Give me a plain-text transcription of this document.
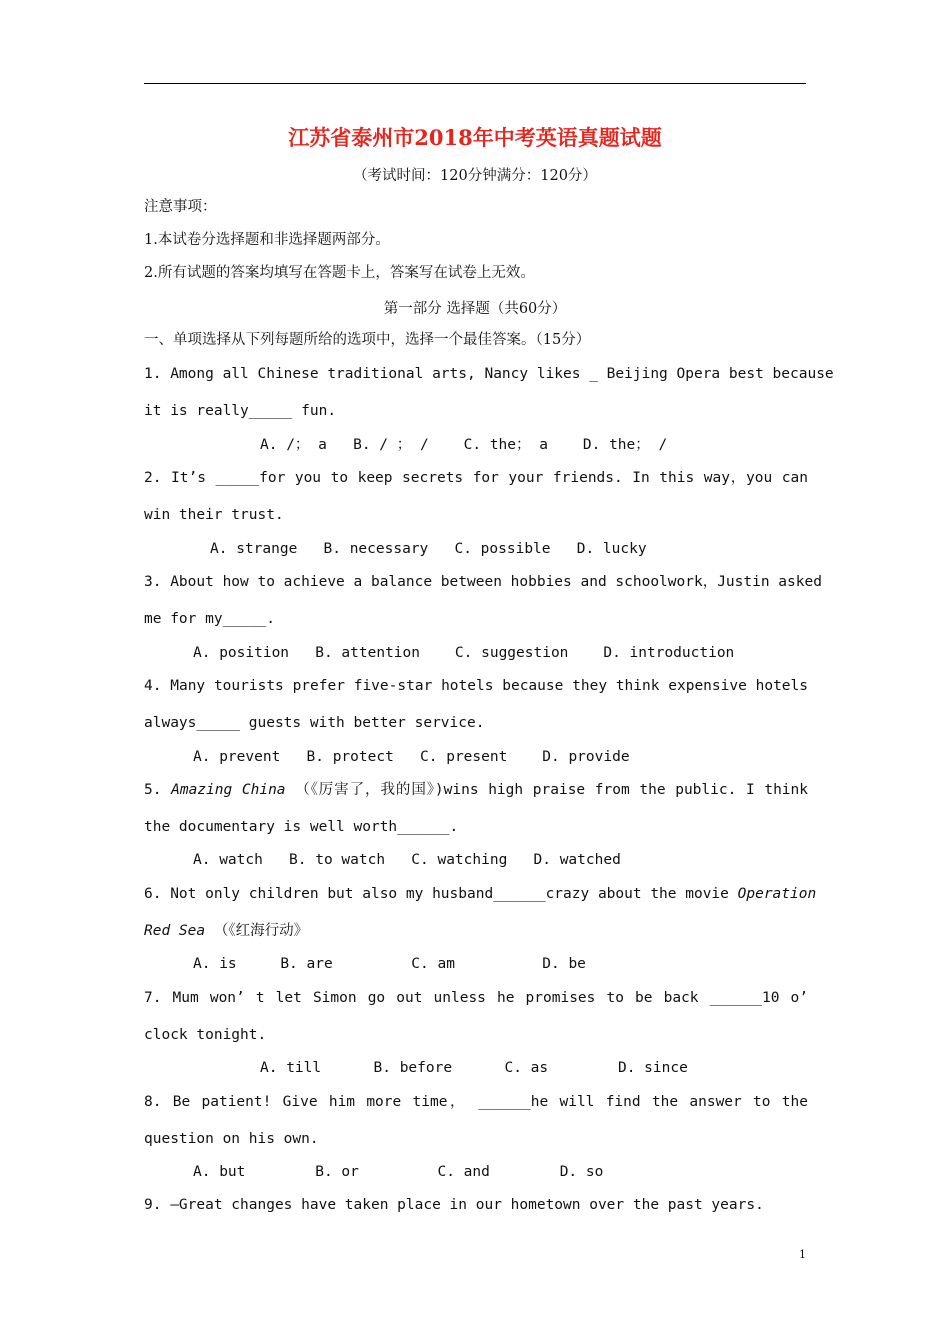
江苏省泰州市2018年中考英语真题试题
（考试时间：120分钟满分：120分）
注意事项：
1.本试卷分选择题和非选择题两部分。
2.所有试题的答案均填写在答题卡上，答案写在试卷上无效。
第一部分 选择题（共60分）
一、单项选择从下列每题所给的选项中，选择一个最佳答案。（15分）
1. Among all Chinese traditional arts, Nancy likes _ Beijing Opera best because
it is really_____ fun.
A. /； a B. / ； / C. the； a D. the； /
2. It’s _____for you to keep secrets for your friends. In this way，you can
win their trust.
A. strange B. necessary C. possible D. lucky
3. About how to achieve a balance between hobbies and schoolwork，Justin asked
me for my_____.
A. position B. attention C. suggestion D. introduction
4. Many tourists prefer five-star hotels because they think expensive hotels
always_____ guests with better service.
A. prevent B. protect C. present D. provide
5. Amazing China （《厉害了，我的国》)wins high praise from the public. I think
the documentary is well worth______.
A. watch B. to watch C. watching D. watched
6. Not only children but also my husband______crazy about the movie Operation
Red Sea （《红海行动》
A. is	B. are	C. am	D. be
7. Mum won’ t let Simon go out unless he promises to be back ______10 o’
clock tonight.
A. till	B. before	C. as	D. since
8. Be patient! Give him more time， ______he will find the answer to the
question on his own.
A. but	B. or	C. and	D. so
9. —Great changes have taken place in our hometown over the past years.
1
